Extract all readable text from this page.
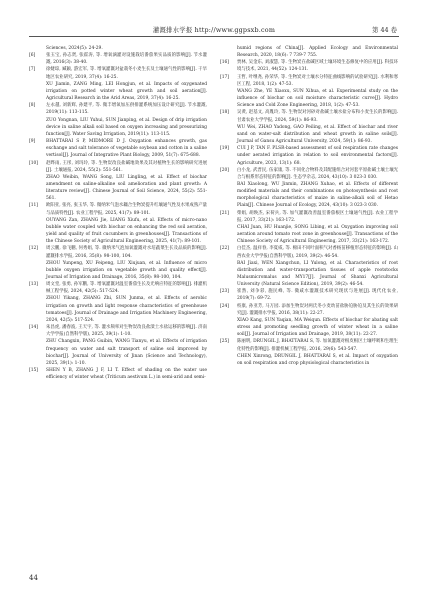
灌溉排水学报 http://www.ggpsxb.com	第 44 卷
Sciences, 2024(5): 24-29.
[6]	张玉宝, 孙志贤, 张霍涛, 等. 增氧滴灌对设施栽培番茄果实品质的影响[J]. 节水灌溉, 2016(3): 38-40.
[7]	徐婕琼, 臧颖, 游宏军, 等. 增氧灌溉对盆栽冬小麦生长及土壤通气性的影响[J]. 干旱地区农业研究, 2019, 37(4): 16-25.
XU Jiamin, ZANG Ming, LEI Hongjun, et al. Impacts of oxygenated irrigation on potted winter wheat growth and soil aeration[J]. Agricultural Research in the Arid Areas, 2019, 37(4): 16-25.
[8]	左永越, 刘新辉, 孙建平, 等. 微丰增氧加压供排灌系统加压设计研究[J]. 节水灌溉, 2019(11): 113-115.
ZUO Yongnan, LIU Yuhui, SUN Jianping, et al. Design of drip irrigation device in saline alkali soil based on oxygen increasing and pressurizing function[J]. Water Saving Irrigation, 2019(11): 113-115.
[9]	BHATTARAI S P, MIDMORE D J. Oxygation enhances growth, gas exchange and salt tolerance of vegetable soybean and cotton in a saline vertisol[J]. Journal of Integrative Plant Biology, 2009, 51(7): 675-688.
[10]	赵晔雨, 王彤, 刘玛玲, 等. 生物炭改良盐碱地效果及其对植物生长的影响研究进展[J]. 土壤通报, 2024, 55(2): 551-561.
ZHAO Weibin, WANG Song, LIU Lingling, et al. Effect of biochar amendment on saline-alkaline soil amelioration and plant growth: A literature review[J]. Chinese Journal of Soil Science, 2024, 55(2): 551-561.
[11]	欧阳亚, 张亮, 张玉华, 等. 微纳米气泡水耦合生物炭提升红壤通气性及水果成熟产量与品质特性[J]. 农业工程学报, 2025, 41(7): 89-101.
OUYANG Zan, ZHANG Jie, LIANG Xiufu, et al. Effects of micro-nano bubble water coupled with biochar on enhancing the red soil aeration, yield and quality of fruit cucumbers in greenhouses[J]. Transactions of the Chinese Society of Agricultural Engineering, 2025, 41(7): 89-101.
[12]	周云鹏, 徐飞鹏, 何秀娟, 等. 微纳米气泡加氧灌溉对水培蔬菜生长及品质的影响[J]. 灌溉排水学报, 2016, 35(8): 98-100, 104.
ZHOU Yunpeng, XU Feipeng, LIU Xiujuan, et al. Influence of micro bubble oxygen irrigation on vegetable growth and quality effect[J]. Journal of Irrigation and Drainage, 2016, 35(8): 98-100, 104.
[13]	周文堂, 张勇, 孙军鹏, 等. 增氧灌溉对温室番茄生长及光响应特征的影响[J]. 排灌机械工程学报, 2024, 42(5): 517-524.
ZHOU Yikang, ZHANG Zhi, SUN Junma, et al. Effects of aerobic irrigation on growth and light response characteristics of greenhouse tomatoes[J]. Journal of Drainage and Irrigation Machinery Engineering, 2024, 42(5): 517-524.
[14]	朱昌虎, 潘春波, 王天宇, 等. 灌水频率对生物炭改良盐渍土水盐运移的影响[J]. 济南大学学报(自然科学版), 2025, 39(1): 1-10.
ZHU Changxin, PANG Guibin, WANG Tianyu, et al. Effects of irrigation frequency on water and salt transport of saline soil improved by biochar[J]. Journal of University of Jinan (Science and Technology), 2025, 39(1): 1-10.
[15]	SHEN Y B, ZHANG J F, LI T. Effect of shading on the water use efficiency of winter wheat (Triticum aestivum L.) in semi-arid and semi-
humid regions of China[J]. Applied Ecology and Environmental Research, 2020, 18(6): 7 739-7 755.
[16]	贾林, 吴金东, 刘淑慧, 等. 生物炭在盐碱区域土壤环境生态修复中的应用[J]. 科技环境与技术, 2021, 44(52): 124-131.
[17]	王哲, 叶继尧, 孙荣华, 等. 生物炭对土壤水分特征曲线影响的试验研究[J]. 水利和寒区工程, 2018, 1(2): 47-53.
WANG Zhe, YE Xiaoxu, SUN Xihua, et al. Experimental study on the influence of biochar on soil moisture characteristic curve[J]. Hydro Science and Cold Zone Engineering, 2018, 1(2): 47-53.
[18]	吴黄, 赵基文, 高胤玲, 等. 生物炭对河砂对盐碱土壤水盐分布和小麦生长的影响[J]. 甘肃农业大学学报, 2024, 59(1): 86-93.
WU Wei, ZHAO Yadong, GAO Peiling, et al. Effect of biochar and river sand on water-salt distribution and wheat growth in saline soils[J]. Journal of Gansu Agricultural University, 2024, 59(1): 86-93.
[19]	CUI J P, TAN F. PLSR-based assessment of soil respiration rate changes under aerated irrigation in relation to soil environmental factors[J]. Agriculture, 2023, 13(1): 68.
[20]	白小龙, 武晋民, 伍家康, 等. 不同化合物料及其配施组合对河套平原盐碱土壤土壤光合与根系形态特征的影响[J]. 生态学杂志, 2024, 43(10): 3 023-3 030.
BAI Xiaolong, WU Jinmin, ZHANG Xuhao, et al. Effects of different modified materials and their combinations on photosynthesis and root morphological characteristics of maize in saline-alkali soil of Hetao Plain[J]. Chinese Journal of Ecology, 2024, 43(10): 3 023-3 030.
[21]	柴娟, 胡焕杰, 宋荷兵, 等. 加气灌溉改善温室番茄根区土壤通气性[J]. 农业工程学报, 2017, 33(21): 163-172.
CHAI Juan, HU Huanjie, SONG Libing, et al. Oxygation improving soil aeration around tomato root zone in greenhouse[J]. Transactions of the Chinese Society of Agricultural Engineering, 2017, 33(21): 163-172.
[22]	白佳杰, 温祥春, 李夏威, 等. 棉田不同叶面积气对香杨苗移植形态特征的影响[J]. 山西农业大学学报(自然科学版), 2019, 39(2): 46-54.
BAI Jiaxi, WEN Xiangchun, LI Yulong, et al. Characteristics of root distribution and water-transportation tissues of apple rootstocks Malusmicromalus and MY17[J]. Journal of Shanxi Agricultural University (Natural Science Edition), 2019, 39(2): 46-54.
[23]	崔然, 刘争彩, 施民峰, 等. 微咸水灌溉技术研究现状与进展[J]. 现代化农业, 2019(7): 69-72.
[24]	校康, 孙亚芳, 马万园. 添加生物炭对两氏冬小麦幼苗盐胁迫胁迫及其生长的效果研究[J]. 灌溉排水学报, 2016, 38(11): 22-27.
XIAO Kang, SUN Yaqian, MA Weiqun. Effects of biochar for abating salt stress and promoting seedling growth of winter wheat in a saline soil[J]. Journal of Irrigation and Drainage, 2019, 38(11): 22-27.
[25]	陈丽明, DRUNGIL J, BHATTARAI S, 等. 加氧灌溉对根皮根区土壤呼吸和生理生化特性的影响[J]. 排灌机械工程学报, 2016, 29(6): 543-547.
CHEN Xinrong, DRUNGIL J, BHATTARAI S, et al. Impact of oxygation on soil respiration and crop physiological characteristics in
44
